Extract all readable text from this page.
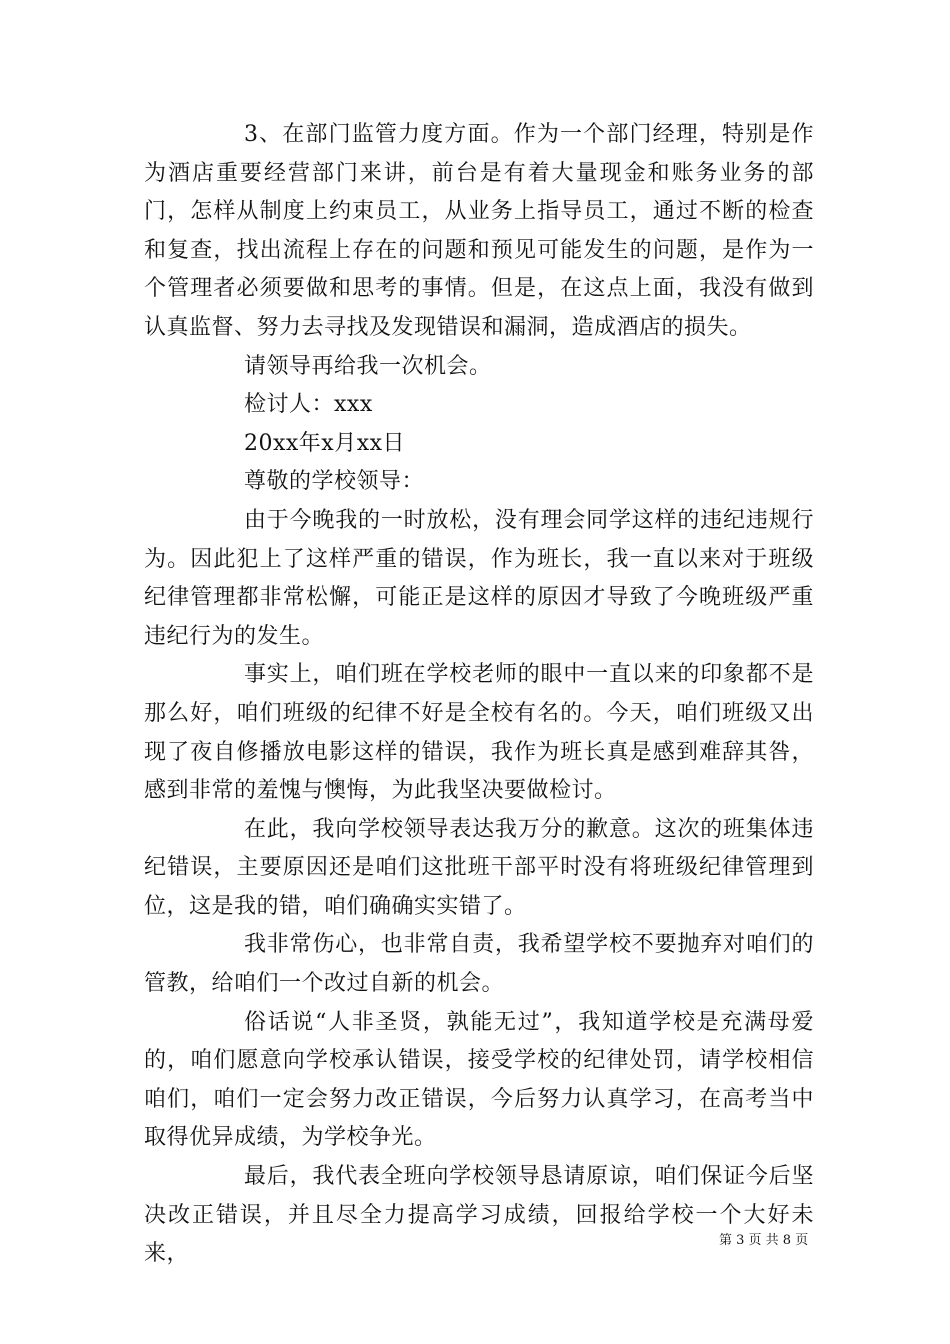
3、在部门监管力度方面。作为一个部门经理，特别是作为酒店重要经营部门来讲，前台是有着大量现金和账务业务的部门，怎样从制度上约束员工，从业务上指导员工，通过不断的检查和复查，找出流程上存在的问题和预见可能发生的问题，是作为一个管理者必须要做和思考的事情。但是，在这点上面，我没有做到认真监督、努力去寻找及发现错误和漏洞，造成酒店的损失。

请领导再给我一次机会。

检讨人：xxx

20xx年x月xx日

尊敬的学校领导：

由于今晚我的一时放松，没有理会同学这样的违纪违规行为。因此犯上了这样严重的错误，作为班长，我一直以来对于班级纪律管理都非常松懈，可能正是这样的原因才导致了今晚班级严重违纪行为的发生。

事实上，咱们班在学校老师的眼中一直以来的印象都不是那么好，咱们班级的纪律不好是全校有名的。今天，咱们班级又出现了夜自修播放电影这样的错误，我作为班长真是感到难辞其咎，感到非常的羞愧与懊悔，为此我坚决要做检讨。

在此，我向学校领导表达我万分的歉意。这次的班集体违纪错误，主要原因还是咱们这批班干部平时没有将班级纪律管理到位，这是我的错，咱们确确实实错了。

我非常伤心，也非常自责，我希望学校不要抛弃对咱们的管教，给咱们一个改过自新的机会。

俗话说“人非圣贤，孰能无过”，我知道学校是充满母爱的，咱们愿意向学校承认错误，接受学校的纪律处罚，请学校相信咱们，咱们一定会努力改正错误，今后努力认真学习，在高考当中取得优异成绩，为学校争光。

最后，我代表全班向学校领导恳请原谅，咱们保证今后坚决改正错误，并且尽全力提高学习成绩，回报给学校一个大好未来，

第 3 页 共 8 页
